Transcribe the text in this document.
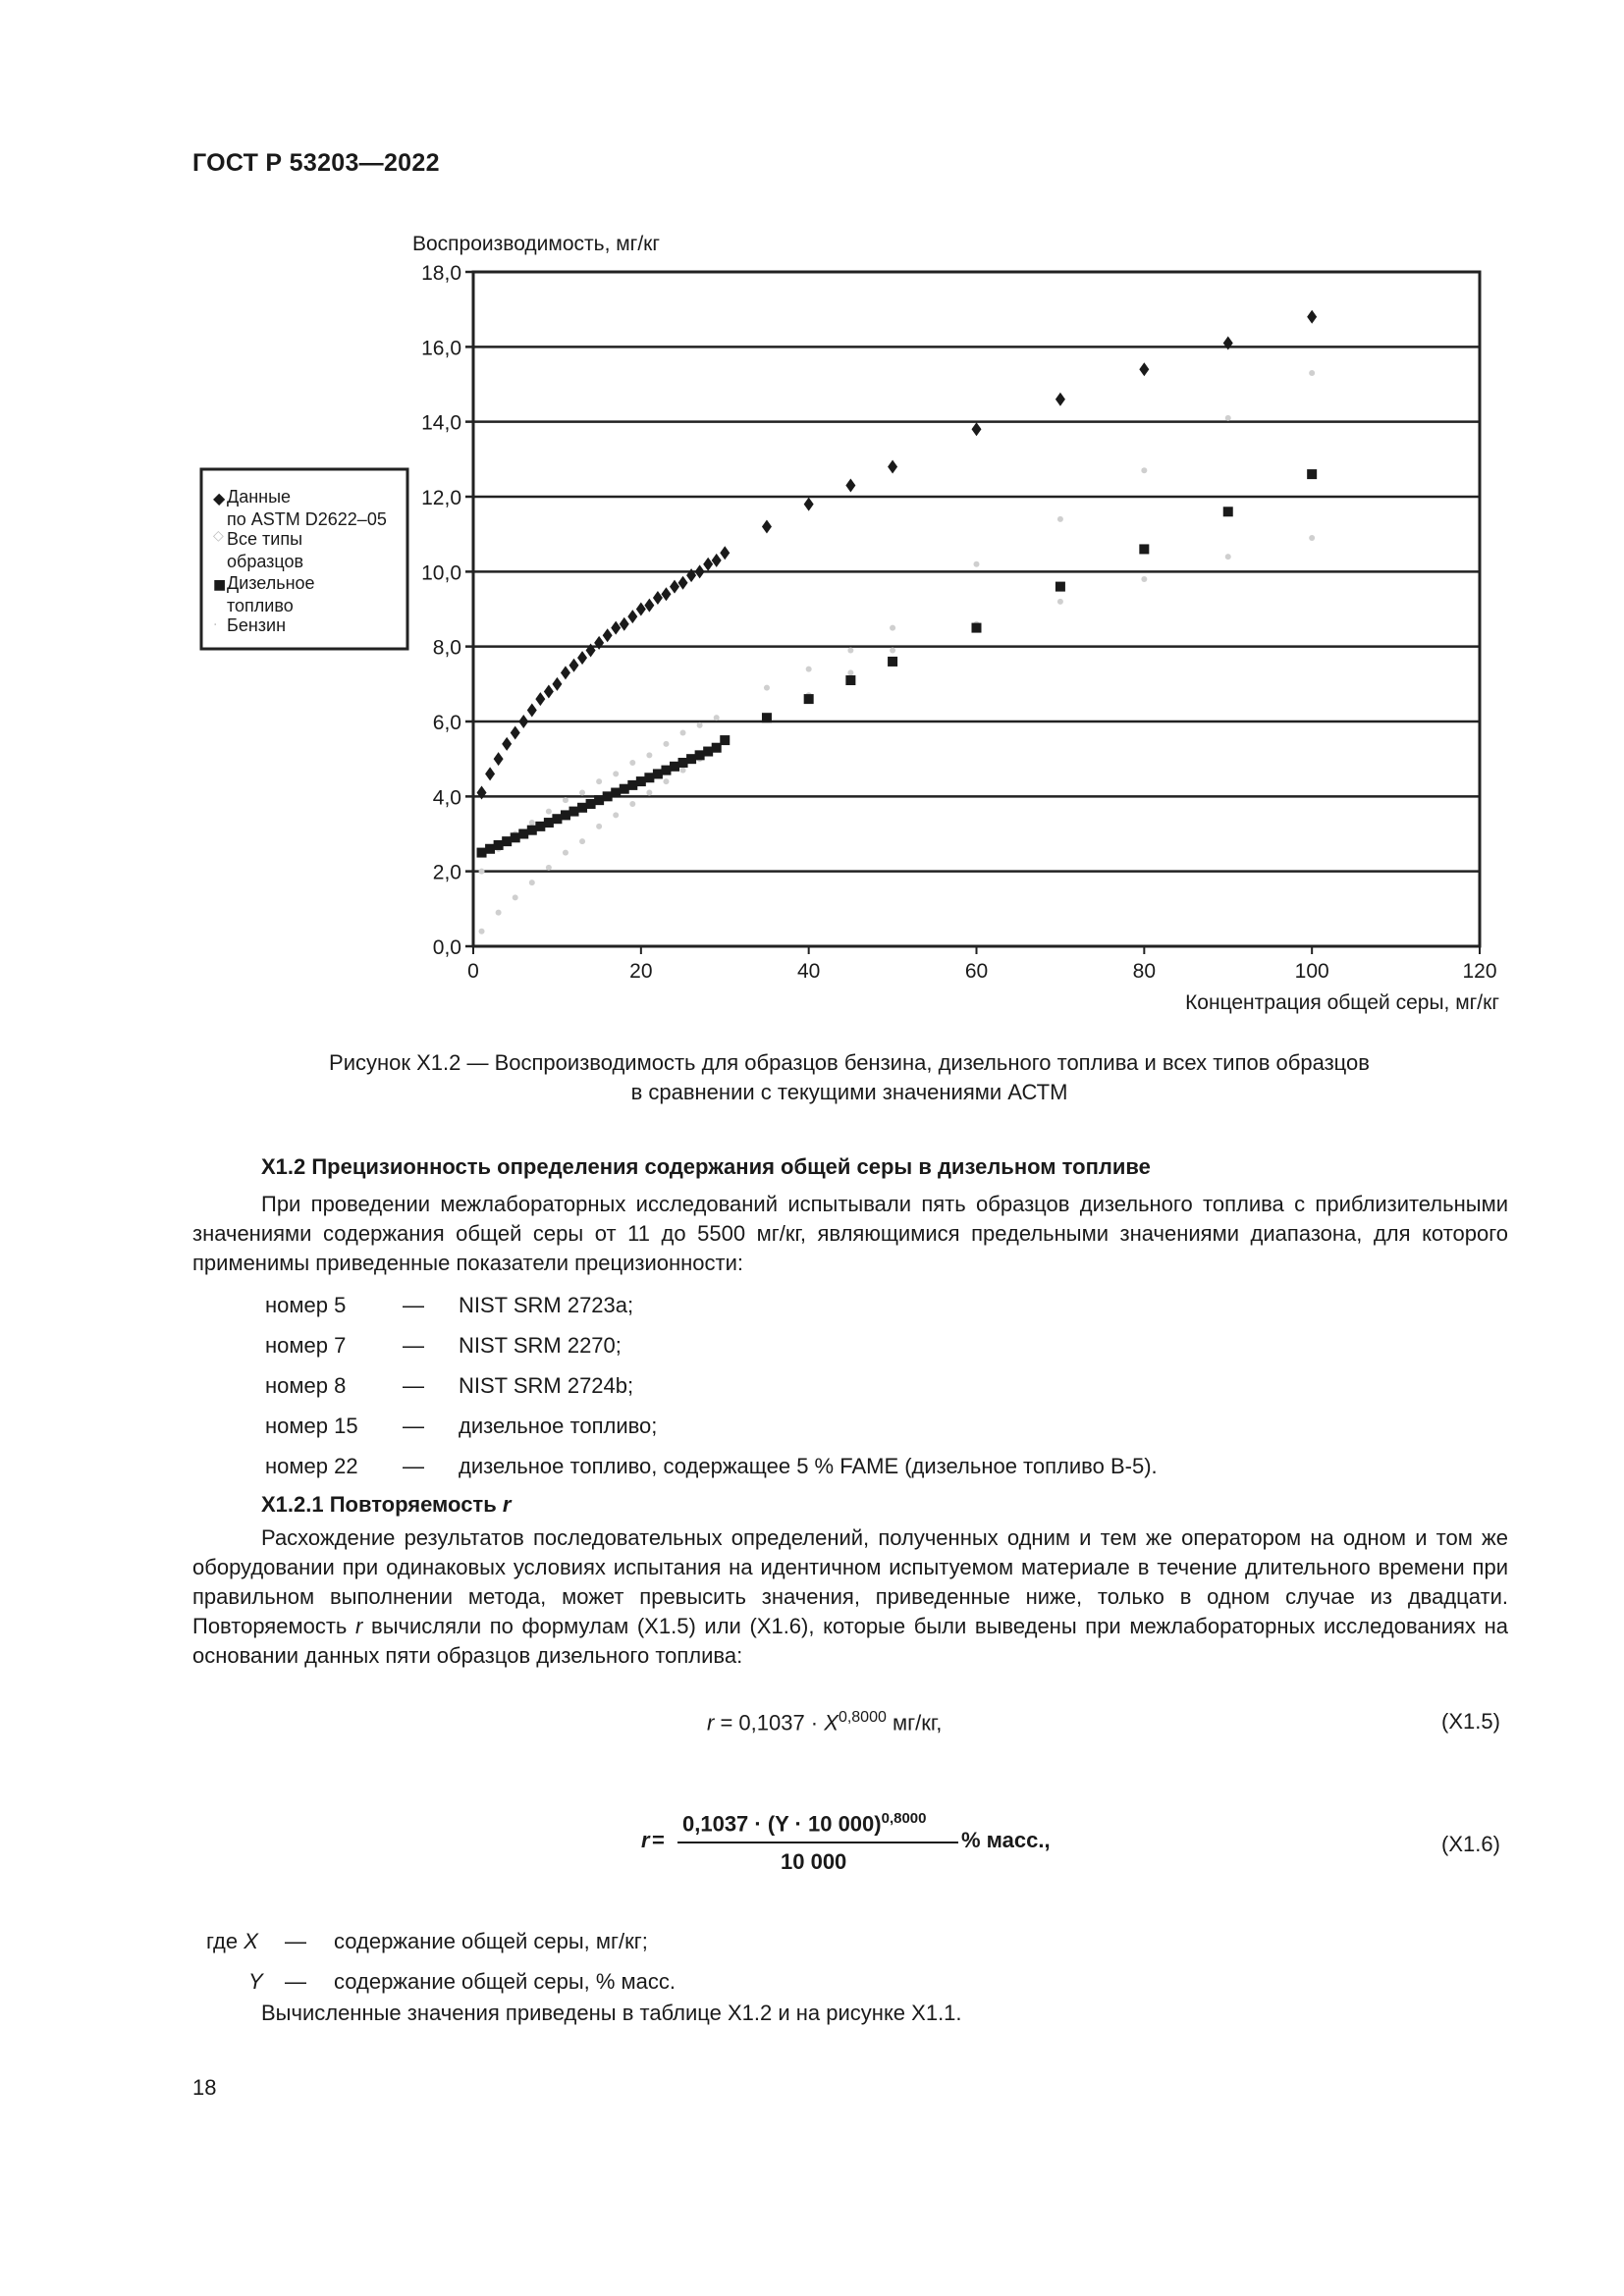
ГОСТ Р 53203—2022
0,0
2,0
4,0
6,0
8,0
10,0
12,0
14,0
16,0
18,0
0	20	40	60	80	100	120
Воспроизводимость, мг/кг
Концентрация общей серы, мг/кг
◆ Данные по ASTM D2622–05
◇ Все типы образцов
■ Дизельное топливо
· Бензин
Рисунок Х1.2 — Воспроизводимость для образцов бензина, дизельного топлива и всех типов образцов
в сравнении с текущими значениями АСТМ
Х1.2 Прецизионность определения содержания общей серы в дизельном топливе
При проведении межлабораторных исследований испытывали пять образцов дизельного топлива с приблизительными значениями содержания общей серы от 11 до 5500 мг/кг, являющимися предельными значениями диапазона, для которого применимы приведенные показатели прецизионности:
номер 5	— NIST SRM 2723a;
номер 7	— NIST SRM 2270;
номер 8	— NIST SRM 2724b;
номер 15 — дизельное топливо;
номер 22 — дизельное топливо, содержащее 5 % FAME (дизельное топливо В-5).
Х1.2.1 Повторяемость r
Расхождение результатов последовательных определений, полученных одним и тем же оператором на одном и том же оборудовании при одинаковых условиях испытания на идентичном испытуемом материале в течение длительного времени при правильном выполнении метода, может превысить значения, приведенные ниже, только в одном случае из двадцати. Повторяемость r вычисляли по формулам (Х1.5) или (Х1.6), которые были выведены при межлабораторных исследованиях на основании данных пяти образцов дизельного топлива:
$r = 0,1037 \cdot X^{0,8000}$ мг/кг,	(Х1.5)
r =
0,1037 · (Y · 10 000)$^{0,8000}$
10 000
% масс.,	(Х1.6)
где X — содержание общей серы, мг/кг;
Y — содержание общей серы, % масс.
Вычисленные значения приведены в таблице Х1.2 и на рисунке Х1.1.
18
